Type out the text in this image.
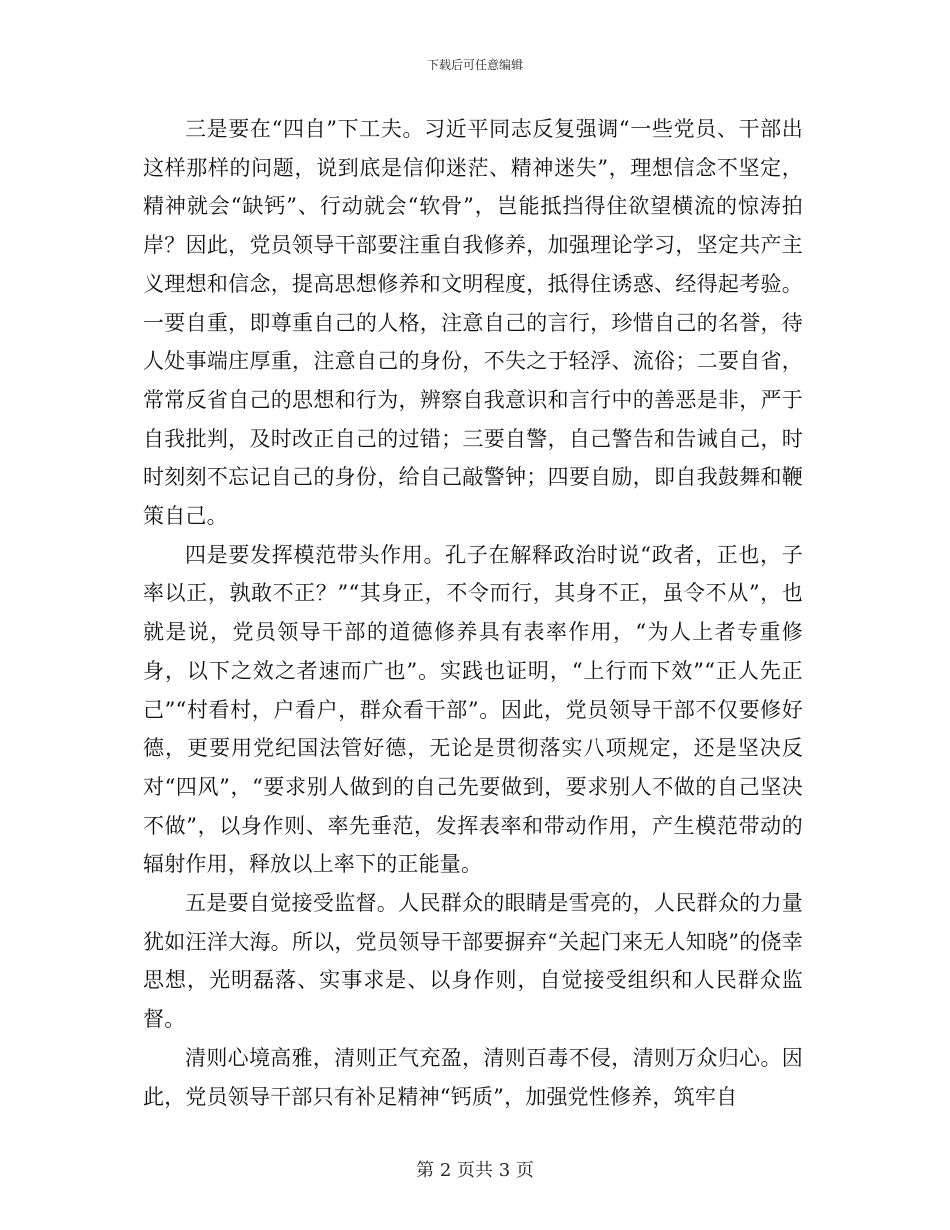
下载后可任意编辑

三是要在“四自”下工夫。习近平同志反复强调“一些党员、干部出这样那样的问题，说到底是信仰迷茫、精神迷失”，理想信念不坚定，精神就会“缺钙”、行动就会“软骨”，岂能抵挡得住欲望横流的惊涛拍岸？因此，党员领导干部要注重自我修养，加强理论学习，坚定共产主义理想和信念，提高思想修养和文明程度，抵得住诱惑、经得起考验。一要自重，即尊重自己的人格，注意自己的言行，珍惜自己的名誉，待人处事端庄厚重，注意自己的身份，不失之于轻浮、流俗；二要自省，常常反省自己的思想和行为，辨察自我意识和言行中的善恶是非，严于自我批判，及时改正自己的过错；三要自警，自己警告和告诫自己，时时刻刻不忘记自己的身份，给自己敲警钟；四要自励，即自我鼓舞和鞭策自己。

四是要发挥模范带头作用。孔子在解释政治时说“政者，正也，子率以正，孰敢不正？”“其身正，不令而行，其身不正，虽令不从”，也就是说，党员领导干部的道德修养具有表率作用，“为人上者专重修身，以下之效之者速而广也”。实践也证明，“上行而下效”“正人先正己”“村看村，户看户，群众看干部”。因此，党员领导干部不仅要修好德，更要用党纪国法管好德，无论是贯彻落实八项规定，还是坚决反对“四风”，“要求别人做到的自己先要做到，要求别人不做的自己坚决不做”，以身作则、率先垂范，发挥表率和带动作用，产生模范带动的辐射作用，释放以上率下的正能量。

五是要自觉接受监督。人民群众的眼睛是雪亮的，人民群众的力量犹如汪洋大海。所以，党员领导干部要摒弃“关起门来无人知晓”的侥幸思想，光明磊落、实事求是、以身作则，自觉接受组织和人民群众监督。

清则心境高雅，清则正气充盈，清则百毒不侵，清则万众归心。因此，党员领导干部只有补足精神“钙质”，加强党性修养，筑牢自

第 2 页共 3 页
